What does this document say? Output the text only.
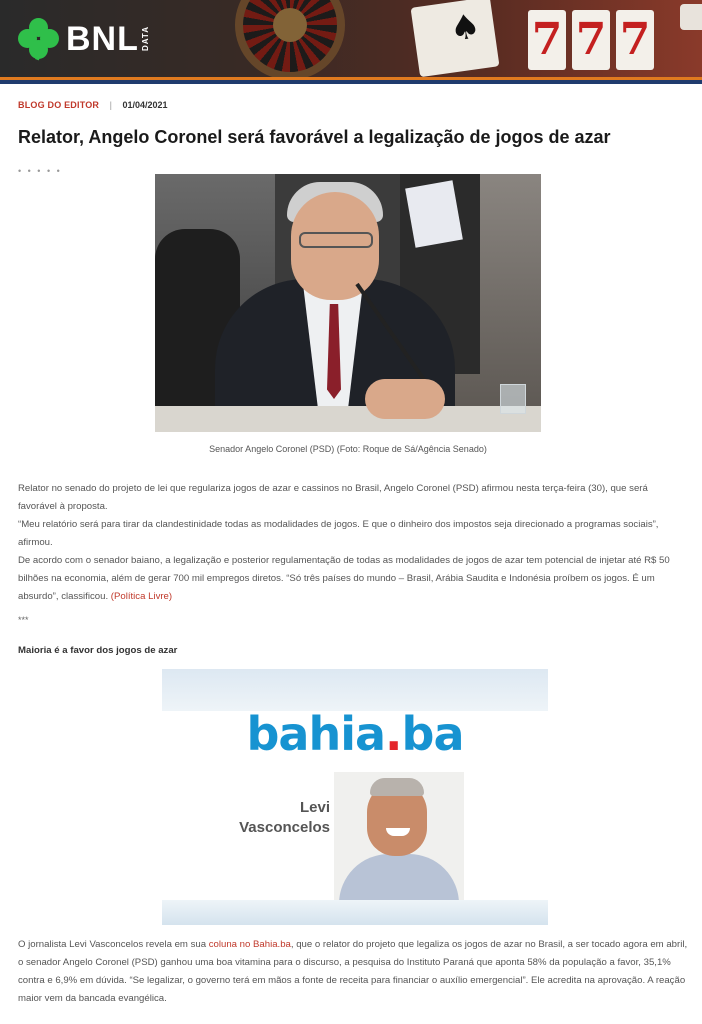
♠ 7 7 7
BNL DATA
BLOG DO EDITOR | 01/04/2021
Relator, Angelo Coronel será favorável a legalização de jogos de azar
• • • • •
Senador Angelo Coronel (PSD) (Foto: Roque de Sá/Agência Senado)

Relator no senado do projeto de lei que regulariza jogos de azar e cassinos no Brasil, Angelo Coronel (PSD) afirmou nesta terça-feira (30), que será favorável à proposta.

“Meu relatório será para tirar da clandestinidade todas as modalidades de jogos. E que o dinheiro dos impostos seja direcionado a programas sociais”, afirmou.

De acordo com o senador baiano, a legalização e posterior regulamentação de todas as modalidades de jogos de azar tem potencial de injetar até R$ 50 bilhões na economia, além de gerar 700 mil empregos diretos. “Só três países do mundo – Brasil, Arábia Saudita e Indonésia proíbem os jogos. É um absurdo”, classificou. (Política Livre)

***
Maioria é a favor dos jogos de azar
bahia.ba
Levi
Vasconcelos

O jornalista Levi Vasconcelos revela em sua coluna no Bahia.ba, que o relator do projeto que legaliza os jogos de azar no Brasil, a ser tocado agora em abril, o senador Angelo Coronel (PSD) ganhou uma boa vitamina para o discurso, a pesquisa do Instituto Paraná que aponta 58% da população a favor, 35,1% contra e 6,9% em dúvida. “Se legalizar, o governo terá em mãos a fonte de receita para financiar o auxílio emergencial”. Ele acredita na aprovação. A reação maior vem da bancada evangélica.
